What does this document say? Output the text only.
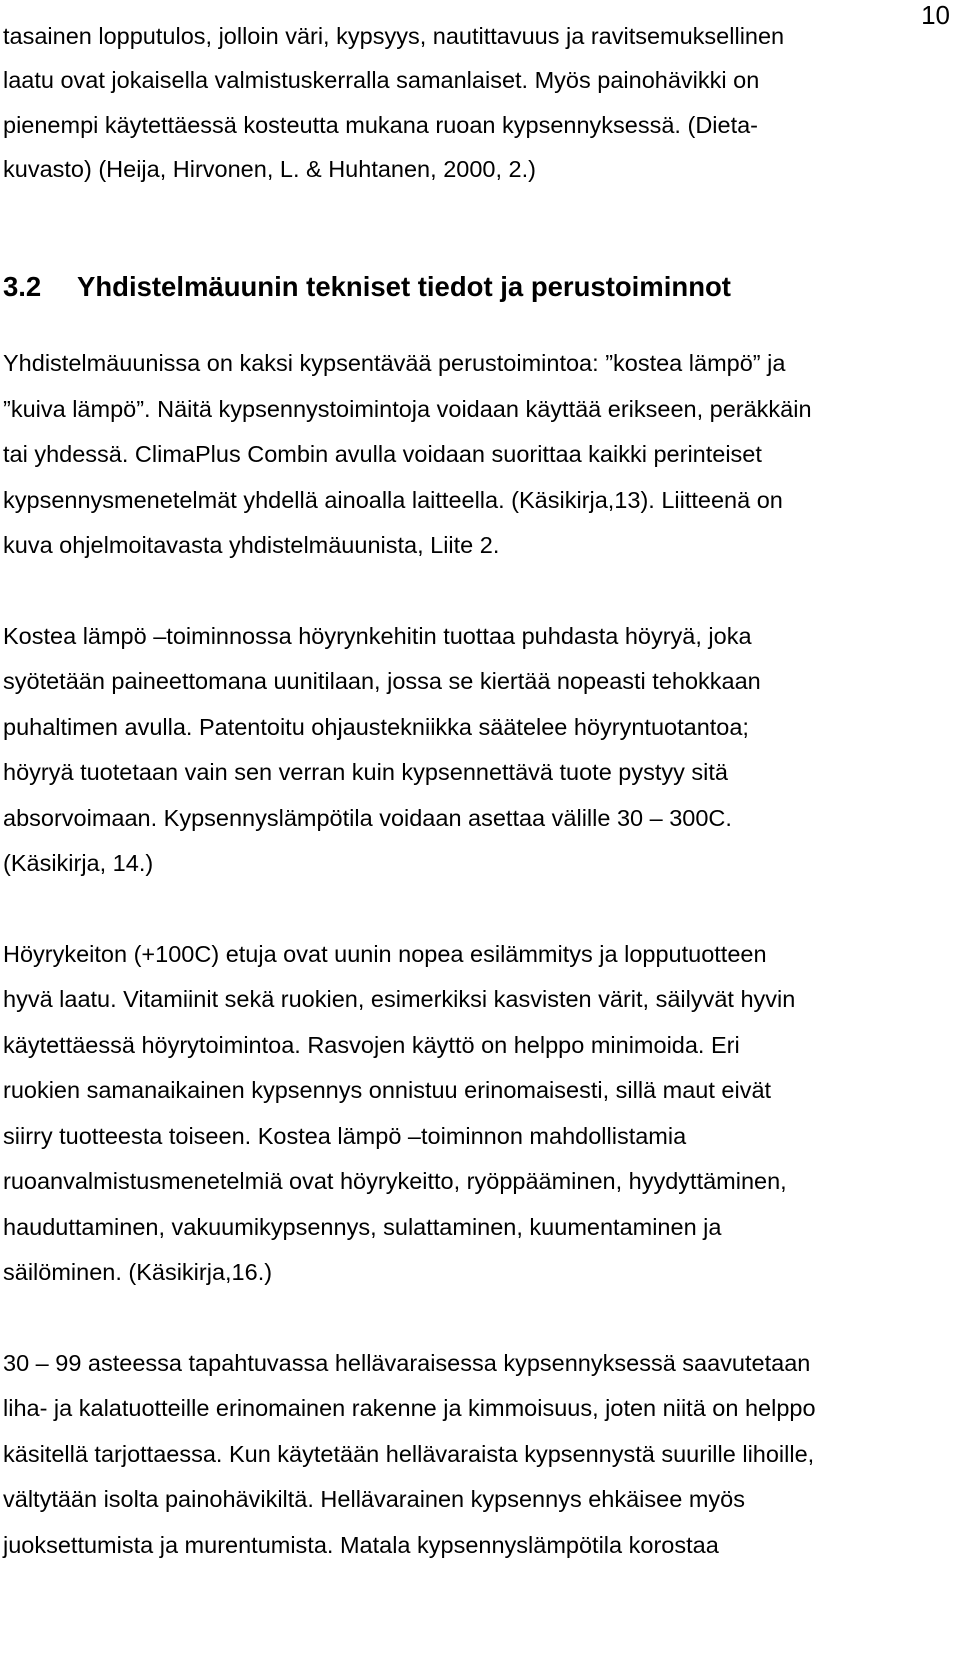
10

tasainen lopputulos, jolloin väri, kypsyys, nautittavuus ja ravitsemuksellinen
laatu ovat jokaisella valmistuskerralla samanlaiset. Myös painohävikki on
pienempi käytettäessä kosteutta mukana ruoan kypsennyksessä. (Dieta-
kuvasto) (Heija, Hirvonen, L. & Huhtanen, 2000, 2.)

3.2 Yhdistelmäuunin tekniset tiedot ja perustoiminnot

Yhdistelmäuunissa on kaksi kypsentävää perustoimintoa: ”kostea lämpö” ja
”kuiva lämpö”. Näitä kypsennystoimintoja voidaan käyttää erikseen, peräkkäin
tai yhdessä. ClimaPlus Combin avulla voidaan suorittaa kaikki perinteiset
kypsennysmenetelmät yhdellä ainoalla laitteella. (Käsikirja,13). Liitteenä on
kuva ohjelmoitavasta yhdistelmäuunista, Liite 2.

Kostea lämpö –toiminnossa höyrynkehitin tuottaa puhdasta höyryä, joka
syötetään paineettomana uunitilaan, jossa se kiertää nopeasti tehokkaan
puhaltimen avulla. Patentoitu ohjaustekniikka säätelee höyryntuotantoa;
höyryä tuotetaan vain sen verran kuin kypsennettävä tuote pystyy sitä
absorvoimaan. Kypsennyslämpötila voidaan asettaa välille 30 – 300C.
(Käsikirja, 14.)

Höyrykeiton (+100C) etuja ovat uunin nopea esilämmitys ja lopputuotteen
hyvä laatu. Vitamiinit sekä ruokien, esimerkiksi kasvisten värit, säilyvät hyvin
käytettäessä höyrytoimintoa. Rasvojen käyttö on helppo minimoida. Eri
ruokien samanaikainen kypsennys onnistuu erinomaisesti, sillä maut eivät
siirry tuotteesta toiseen. Kostea lämpö –toiminnon mahdollistamia
ruoanvalmistusmenetelmiä ovat höyrykeitto, ryöppääminen, hyydyttäminen,
hauduttaminen, vakuumikypsennys, sulattaminen, kuumentaminen ja
säilöminen. (Käsikirja,16.)

30 – 99 asteessa tapahtuvassa hellävaraisessa kypsennyksessä saavutetaan
liha- ja kalatuotteille erinomainen rakenne ja kimmoisuus, joten niitä on helppo
käsitellä tarjottaessa. Kun käytetään hellävaraista kypsennystä suurille lihoille,
vältytään isolta painohävikiltä. Hellävarainen kypsennys ehkäisee myös
juoksettumista ja murentumista. Matala kypsennyslämpötila korostaa
